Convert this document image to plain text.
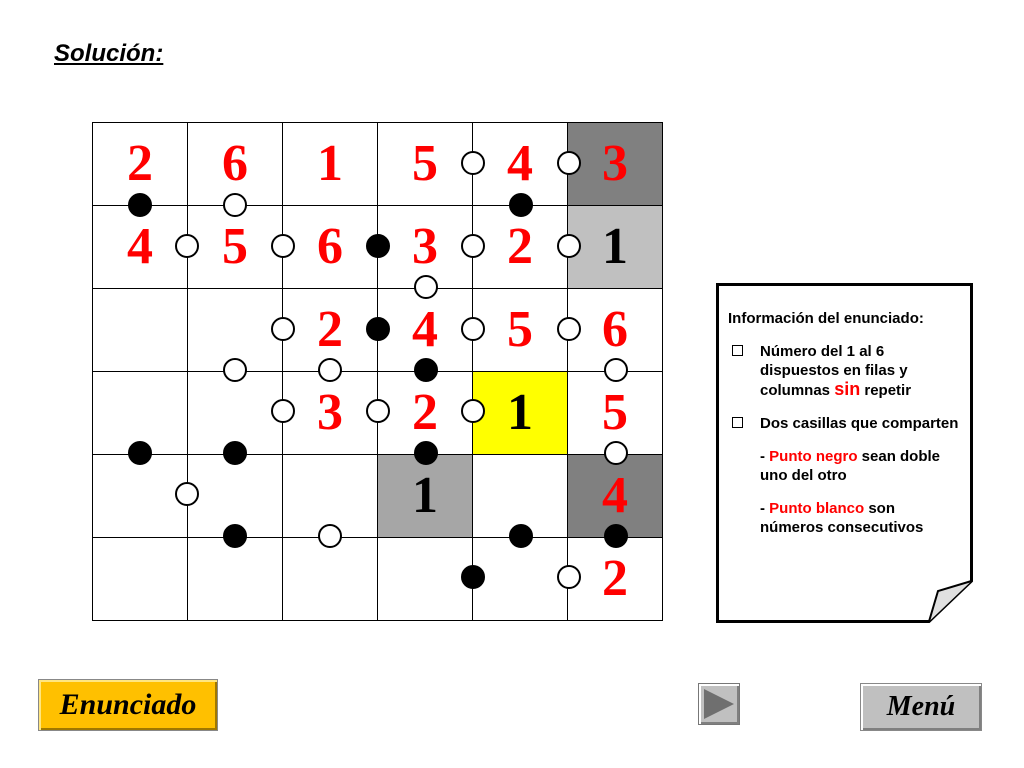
Solución:
2	6	1	5	4	3
4	5	6	3	2	1
		2	4	5	6
		3	2	1	5
			1		4
					2
Información del enunciado:
Número del 1 al 6 dispuestos en filas y columnas sin repetir
Dos casillas que comparten
- Punto negro sean doble uno del otro
- Punto blanco son números consecutivos
Enunciado	Menú
